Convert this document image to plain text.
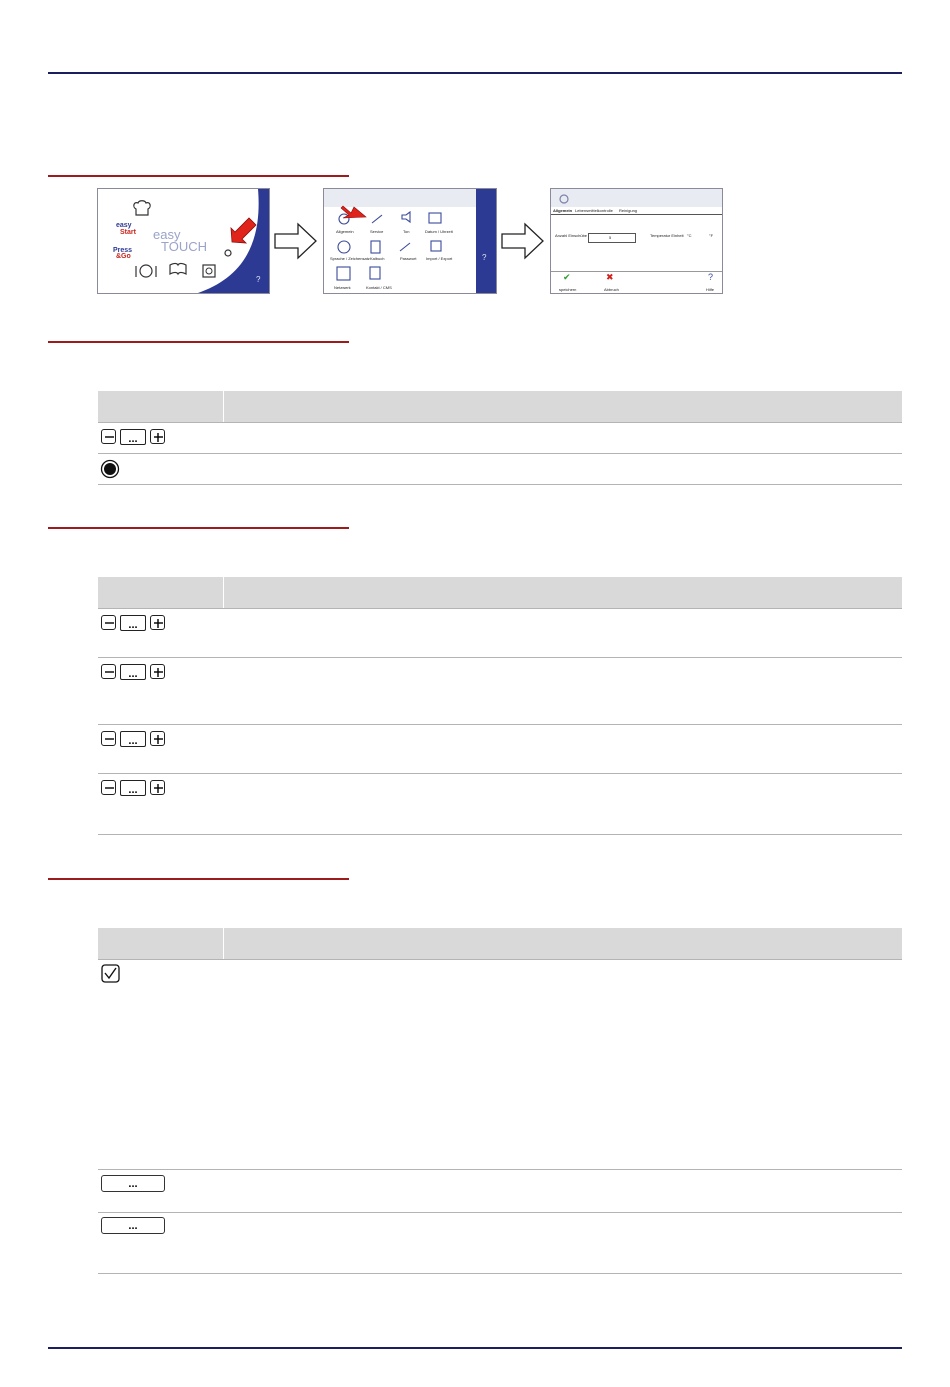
easy
Start
Press
&Go
easy
TOUCH
?
?
Allgemein	Service	Ton	Datum / Uhrzeit
Sprache / Zeichensatz Kalbuch	Passwort Import / Export
Netzwerk	Kontakt / CMS
Allgemein Lebensmittelkontrolle Reinigung
Anzahl Einschübe	5	Temperatur Einheit °C	°F
✔	✖	?
speichern	Abbruch	Hilfe
...
...
...
...
...
...
...
